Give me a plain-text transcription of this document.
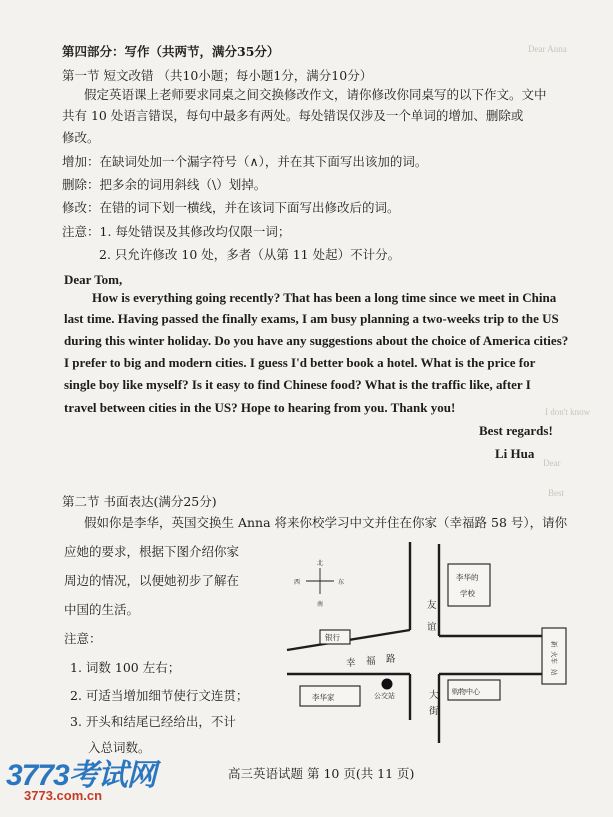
Dear Anna
I don't know
Dear
Best
第四部分：写作（共两节，满分35分）
第一节 短文改错 （共10小题；每小题1分，满分10分）
假定英语课上老师要求同桌之间交换修改作文，请你修改你同桌写的以下作文。文中
共有 10 处语言错误，每句中最多有两处。每处错误仅涉及一个单词的增加、删除或
修改。
增加：在缺词处加一个漏字符号（∧），并在其下面写出该加的词。
删除：把多余的词用斜线（\）划掉。
修改：在错的词下划一横线，并在该词下面写出修改后的词。
注意：1. 每处错误及其修改均仅限一词；
2. 只允许修改 10 处，多者（从第 11 处起）不计分。
Dear Tom,
How is everything going recently? That has been a long time since we meet in China
last time. Having passed the finally exams, I am busy planning a two-weeks trip to the US
during this winter holiday. Do you have any suggestions about the choice of America cities?
I prefer to big and modern cities. I guess I'd better book a hotel. What is the price for
single boy like myself? Is it easy to find Chinese food? What is the traffic like, after I
travel between cities in the US? Hope to hearing from you. Thank you!
Best regards!
Li Hua
第二节 书面表达(满分25分)
假如你是李华，英国交换生 Anna 将来你校学习中文并住在你家（幸福路 58 号），请你
应她的要求，根据下图介绍你家
周边的情况，以便她初步了解在
中国的生活。
注意：
1. 词数 100 左右；
2. 可适当增加细节使行文连贯；
3. 开头和结尾已经给出，不计
入总词数。
北
南
西	东
李华的
学校
银行
幸 福 路
友
谊
大
街
李华家	公交站	购物中心
新
火车
站
高三英语试题 第 10 页(共 11 页)
3773考试网
3773.com.cn
